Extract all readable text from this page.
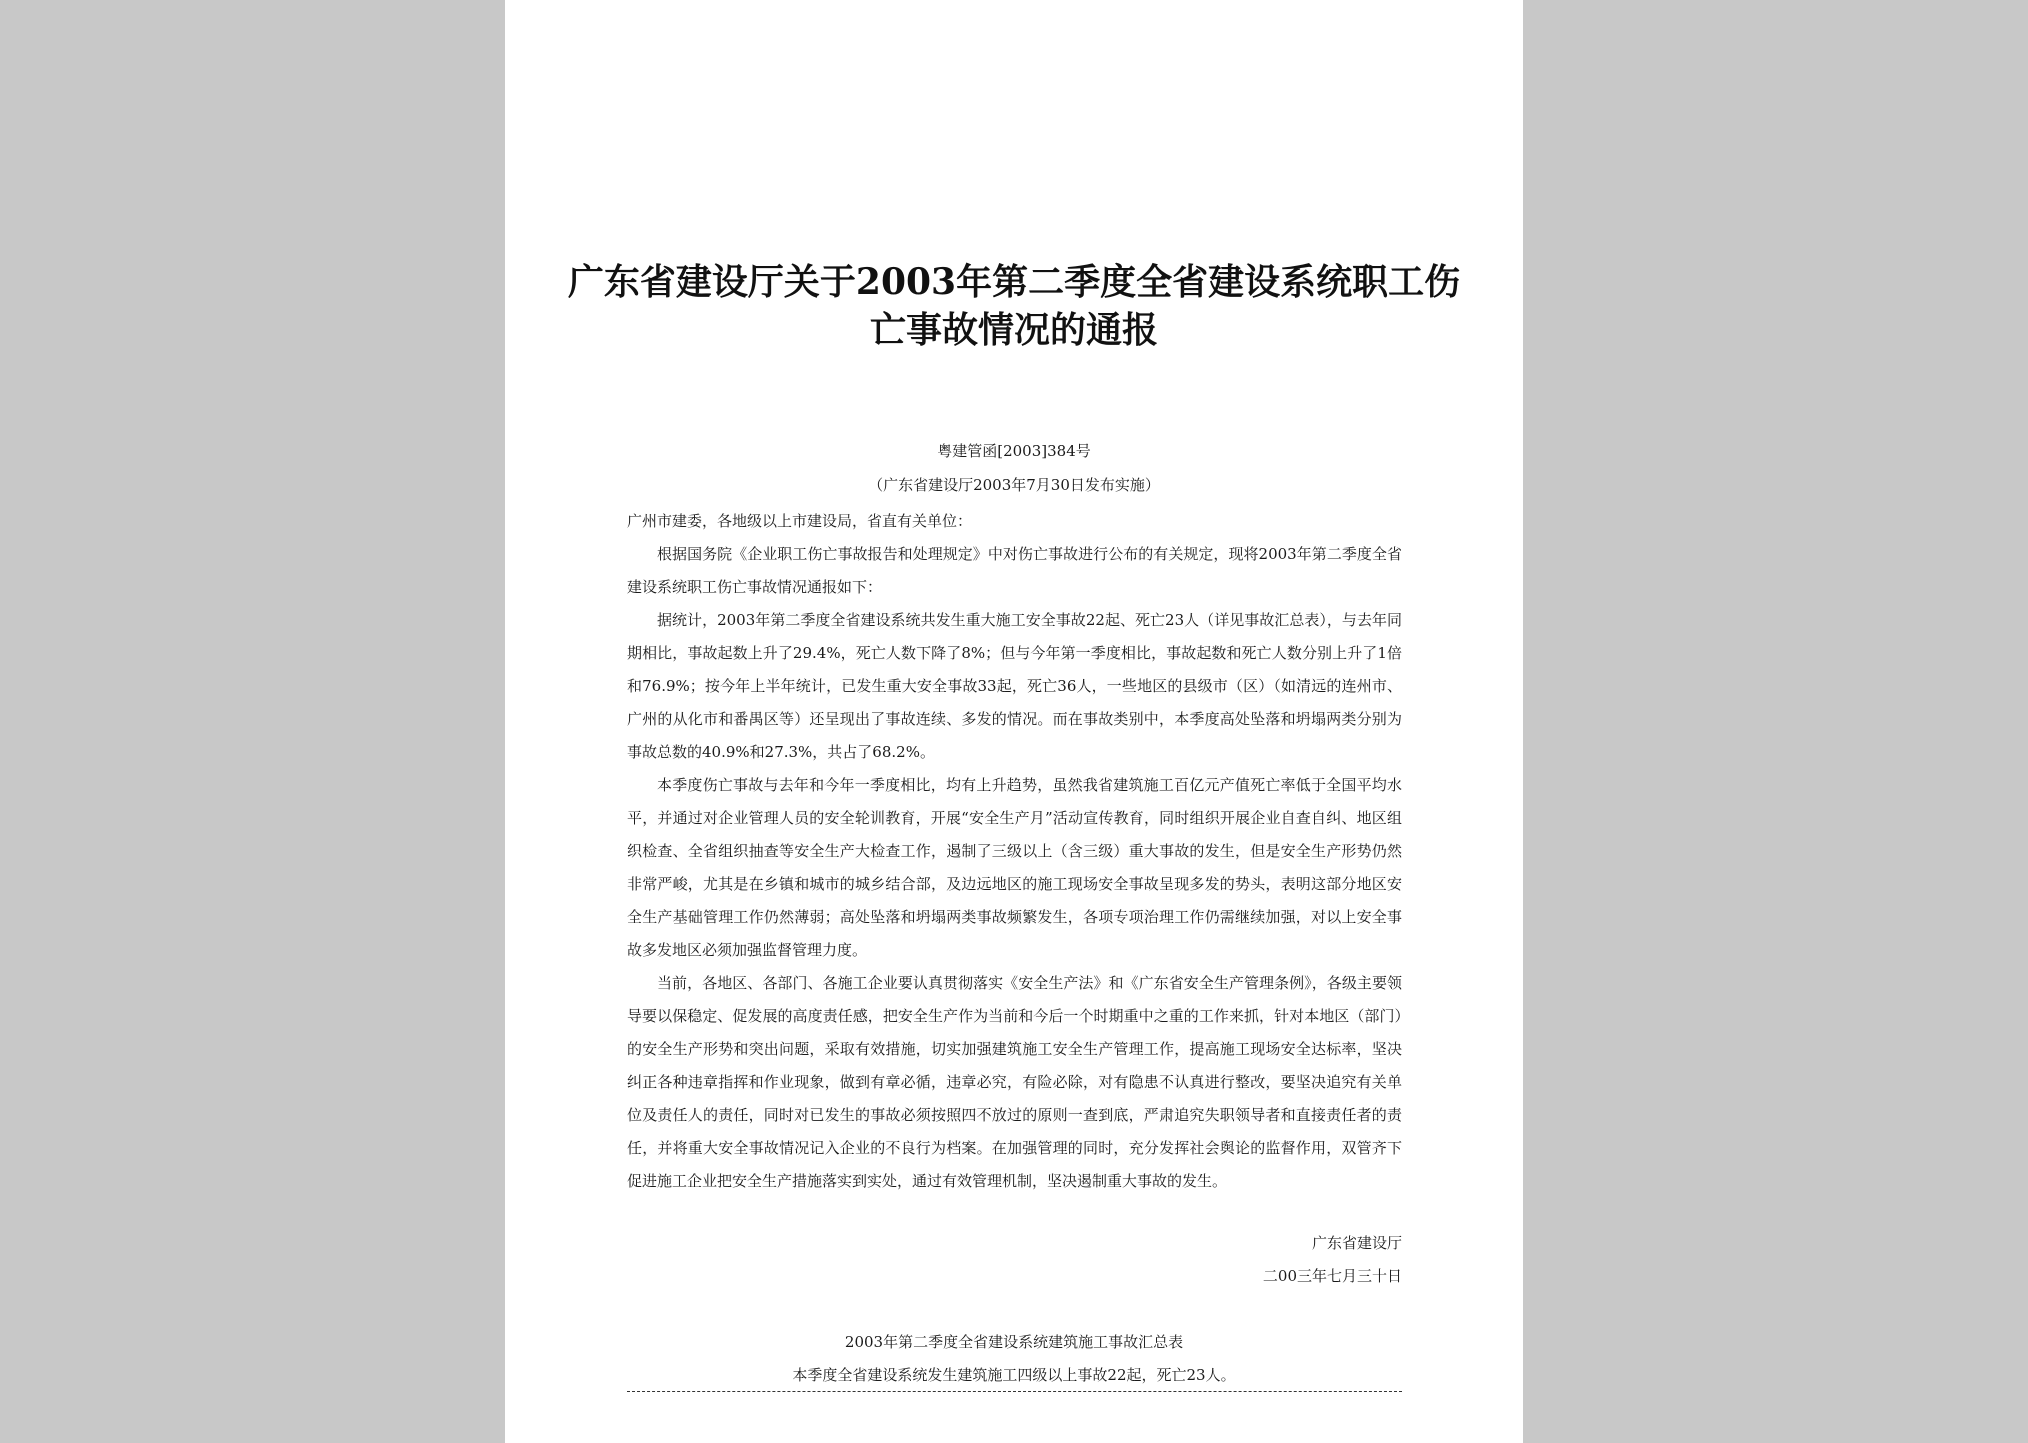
广东省建设厅关于2003年第二季度全省建设系统职工伤
亡事故情况的通报
粤建管函[2003]384号
（广东省建设厅2003年7月30日发布实施）

广州市建委，各地级以上市建设局，省直有关单位：

根据国务院《企业职工伤亡事故报告和处理规定》中对伤亡事故进行公布的有关规定，现将2003年第二季度全省建设系统职工伤亡事故情况通报如下：

据统计，2003年第二季度全省建设系统共发生重大施工安全事故22起、死亡23人（详见事故汇总表），与去年同期相比，事故起数上升了29.4%，死亡人数下降了8%；但与今年第一季度相比，事故起数和死亡人数分别上升了1倍和76.9%；按今年上半年统计，已发生重大安全事故33起，死亡36人，一些地区的县级市（区）（如清远的连州市、广州的从化市和番禺区等）还呈现出了事故连续、多发的情况。而在事故类别中，本季度高处坠落和坍塌两类分别为事故总数的40.9%和27.3%，共占了68.2%。

本季度伤亡事故与去年和今年一季度相比，均有上升趋势，虽然我省建筑施工百亿元产值死亡率低于全国平均水平，并通过对企业管理人员的安全轮训教育，开展“安全生产月”活动宣传教育，同时组织开展企业自查自纠、地区组织检查、全省组织抽查等安全生产大检查工作，遏制了三级以上（含三级）重大事故的发生，但是安全生产形势仍然非常严峻，尤其是在乡镇和城市的城乡结合部，及边远地区的施工现场安全事故呈现多发的势头，表明这部分地区安全生产基础管理工作仍然薄弱；高处坠落和坍塌两类事故频繁发生，各项专项治理工作仍需继续加强，对以上安全事故多发地区必须加强监督管理力度。

当前，各地区、各部门、各施工企业要认真贯彻落实《安全生产法》和《广东省安全生产管理条例》，各级主要领导要以保稳定、促发展的高度责任感，把安全生产作为当前和今后一个时期重中之重的工作来抓，针对本地区（部门）的安全生产形势和突出问题，采取有效措施，切实加强建筑施工安全生产管理工作，提高施工现场安全达标率，坚决纠正各种违章指挥和作业现象，做到有章必循，违章必究，有险必除，对有隐患不认真进行整改，要坚决追究有关单位及责任人的责任，同时对已发生的事故必须按照四不放过的原则一查到底，严肃追究失职领导者和直接责任者的责任，并将重大安全事故情况记入企业的不良行为档案。在加强管理的同时，充分发挥社会舆论的监督作用，双管齐下促进施工企业把安全生产措施落实到实处，通过有效管理机制，坚决遏制重大事故的发生。

广东省建设厅
二00三年七月三十日
2003年第二季度全省建设系统建筑施工事故汇总表
本季度全省建设系统发生建筑施工四级以上事故22起，死亡23人。
